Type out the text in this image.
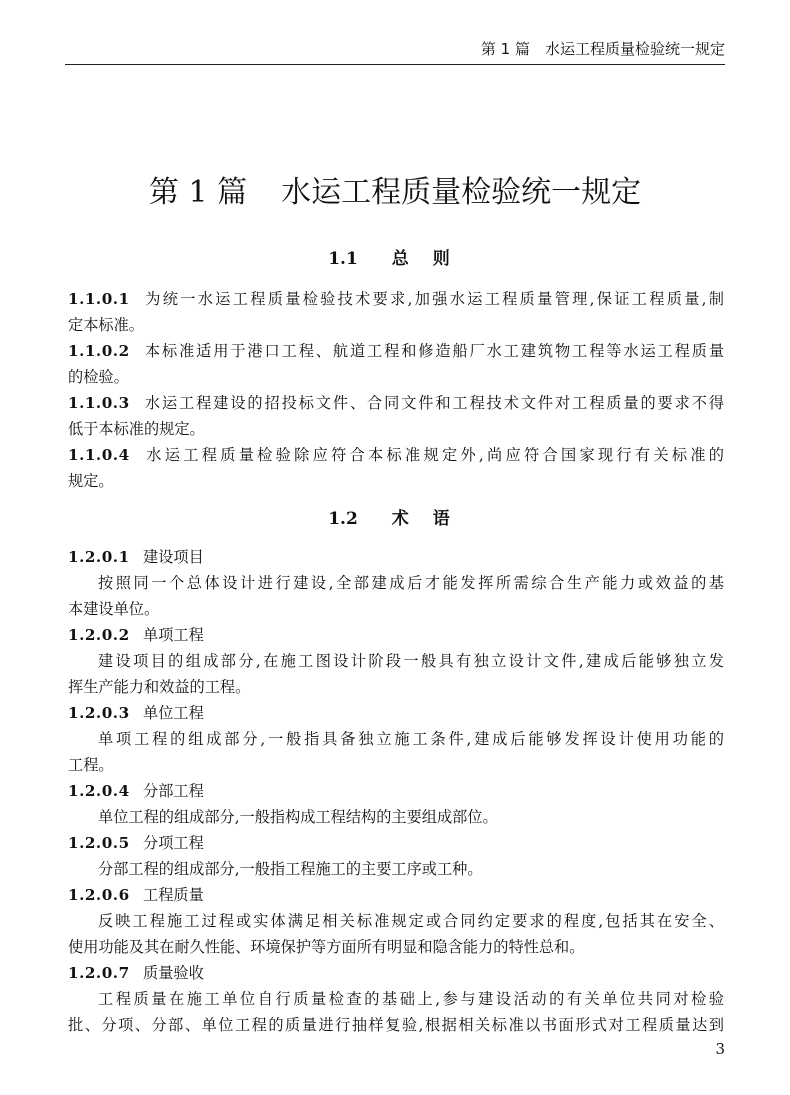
第 1 篇　水运工程质量检验统一规定
第 1 篇 水运工程质量检验统一规定
1.1 总 则
1.1.0.1 为统一水运工程质量检验技术要求,加强水运工程质量管理,保证工程质量,制
定本标准。
1.1.0.2 本标准适用于港口工程、航道工程和修造船厂水工建筑物工程等水运工程质量
的检验。
1.1.0.3 水运工程建设的招投标文件、合同文件和工程技术文件对工程质量的要求不得
低于本标准的规定。
1.1.0.4 水运工程质量检验除应符合本标准规定外,尚应符合国家现行有关标准的
规定。
1.2 术 语
1.2.0.1 建设项目
按照同一个总体设计进行建设,全部建成后才能发挥所需综合生产能力或效益的基
本建设单位。
1.2.0.2 单项工程
建设项目的组成部分,在施工图设计阶段一般具有独立设计文件,建成后能够独立发
挥生产能力和效益的工程。
1.2.0.3 单位工程
单项工程的组成部分,一般指具备独立施工条件,建成后能够发挥设计使用功能的
工程。
1.2.0.4 分部工程
单位工程的组成部分,一般指构成工程结构的主要组成部位。
1.2.0.5 分项工程
分部工程的组成部分,一般指工程施工的主要工序或工种。
1.2.0.6 工程质量
反映工程施工过程或实体满足相关标准规定或合同约定要求的程度,包括其在安全、
使用功能及其在耐久性能、环境保护等方面所有明显和隐含能力的特性总和。
1.2.0.7 质量验收
工程质量在施工单位自行质量检查的基础上,参与建设活动的有关单位共同对检验
批、分项、分部、单位工程的质量进行抽样复验,根据相关标准以书面形式对工程质量达到
3
